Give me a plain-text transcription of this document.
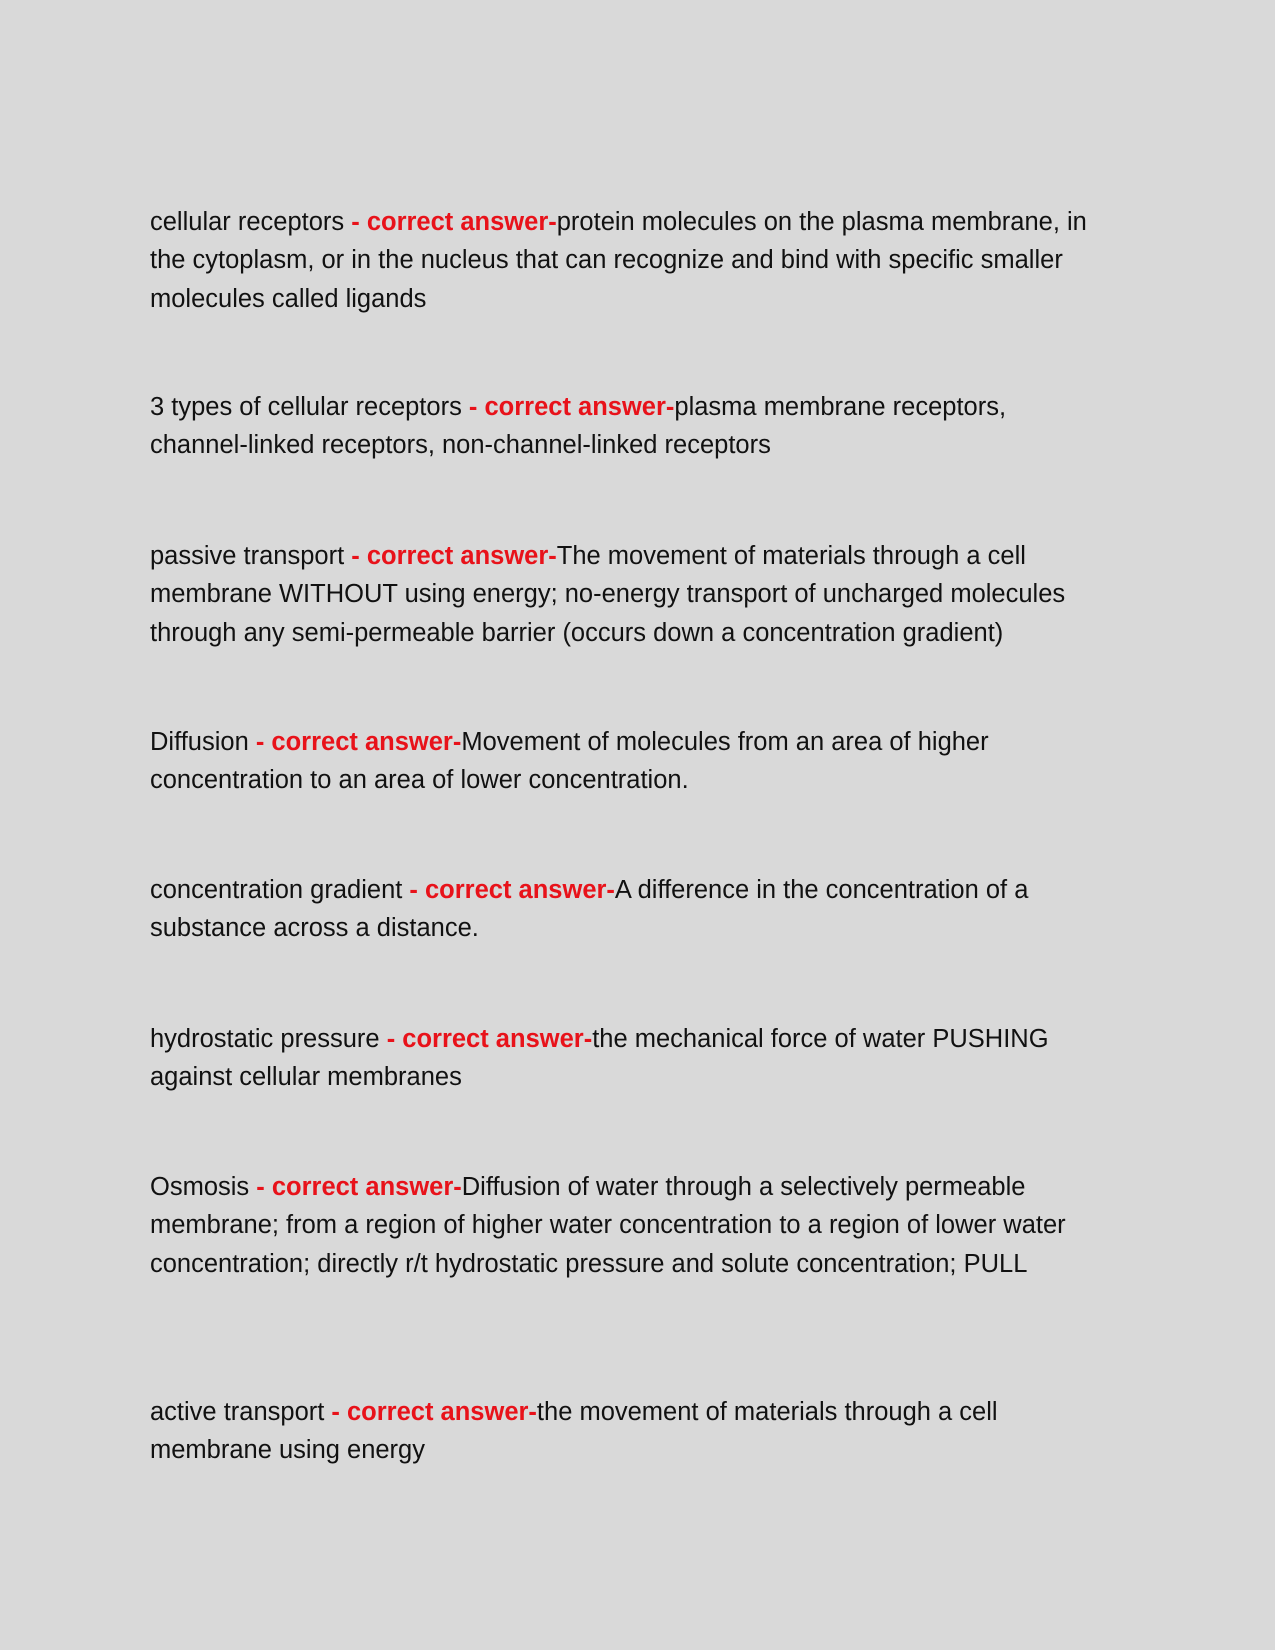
cellular receptors - correct answer-protein molecules on the plasma membrane, in the cytoplasm, or in the nucleus that can recognize and bind with specific smaller molecules called ligands

3 types of cellular receptors - correct answer-plasma membrane receptors, channel-linked receptors, non-channel-linked receptors

passive transport - correct answer-The movement of materials through a cell membrane WITHOUT using energy; no-energy transport of uncharged molecules through any semi-permeable barrier (occurs down a concentration gradient)

Diffusion - correct answer-Movement of molecules from an area of higher concentration to an area of lower concentration.

concentration gradient - correct answer-A difference in the concentration of a substance across a distance.

hydrostatic pressure - correct answer-the mechanical force of water PUSHING against cellular membranes

Osmosis - correct answer-Diffusion of water through a selectively permeable membrane; from a region of higher water concentration to a region of lower water concentration; directly r/t hydrostatic pressure and solute concentration; PULL

active transport - correct answer-the movement of materials through a cell membrane using energy
